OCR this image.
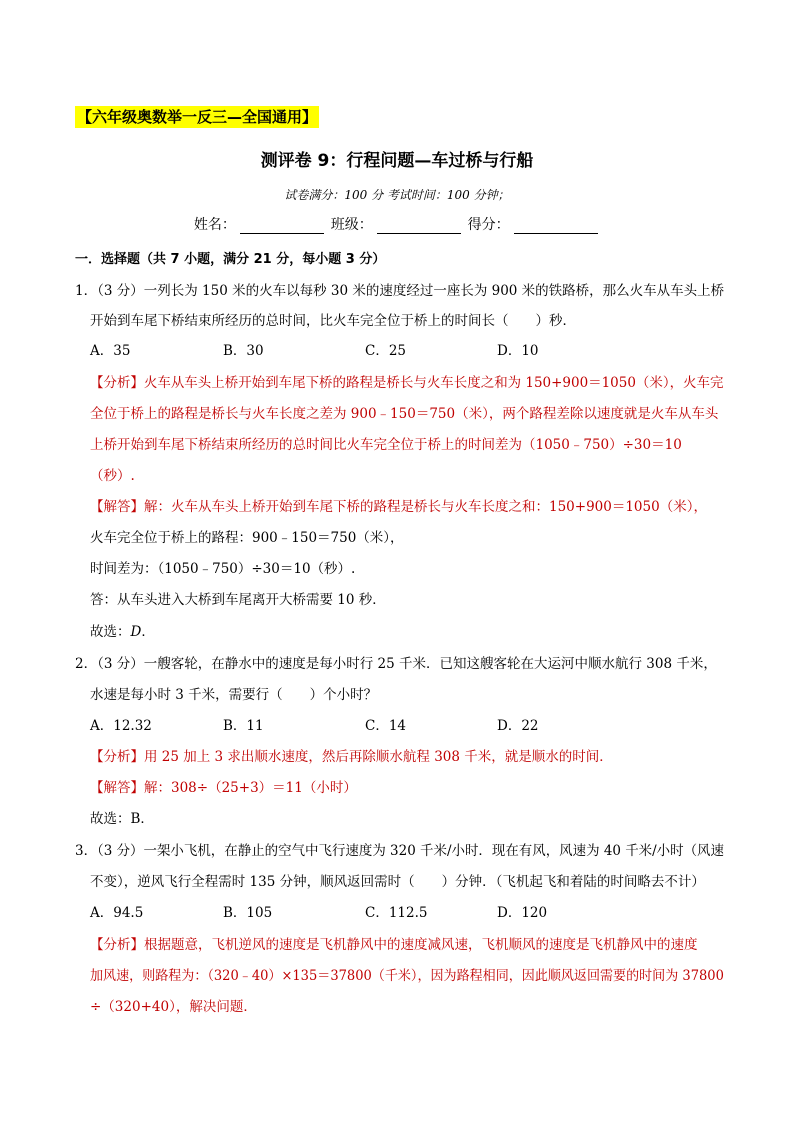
【六年级奥数举一反三—全国通用】
测评卷 9：行程问题—车过桥与行船
试卷满分：100 分 考试时间：100 分钟；
姓名：	班级：	得分：
一．选择题（共 7 小题，满分 21 分，每小题 3 分）
1．（3 分）一列长为 150 米的火车以每秒 30 米的速度经过一座长为 900 米的铁路桥，那么火车从车头上桥
开始到车尾下桥结束所经历的总时间，比火车完全位于桥上的时间长（　　）秒．
A．35	B．30	C．25	D．10
【分析】火车从车头上桥开始到车尾下桥的路程是桥长与火车长度之和为 150+900＝1050（米），火车完
全位于桥上的路程是桥长与火车长度之差为 900﹣150＝750（米），两个路程差除以速度就是火车从车头
上桥开始到车尾下桥结束所经历的总时间比火车完全位于桥上的时间差为（1050﹣750）÷30＝10
（秒）.
【解答】解：火车从车头上桥开始到车尾下桥的路程是桥长与火车长度之和：150+900＝1050（米），
火车完全位于桥上的路程：900﹣150＝750（米），
时间差为：（1050﹣750）÷30＝10（秒）.
答：从车头进入大桥到车尾离开大桥需要 10 秒．
故选：D．
2．（3 分）一艘客轮，在静水中的速度是每小时行 25 千米．已知这艘客轮在大运河中顺水航行 308 千米，
水速是每小时 3 千米，需要行（　　）个小时？
A．12.32	B．11	C．14	D．22
【分析】用 25 加上 3 求出顺水速度，然后再除顺水航程 308 千米，就是顺水的时间．
【解答】解：308÷（25+3）＝11（小时）
故选：B．
3．（3 分）一架小飞机，在静止的空气中飞行速度为 320 千米/小时．现在有风，风速为 40 千米/小时（风速
不变），逆风飞行全程需时 135 分钟，顺风返回需时（　　）分钟．（飞机起飞和着陆的时间略去不计）
A．94.5	B．105	C．112.5	D．120
【分析】根据题意，飞机逆风的速度是飞机静风中的速度减风速，飞机顺风的速度是飞机静风中的速度
加风速，则路程为：（320﹣40）×135＝37800（千米），因为路程相同，因此顺风返回需要的时间为 37800
÷（320+40），解决问题．
